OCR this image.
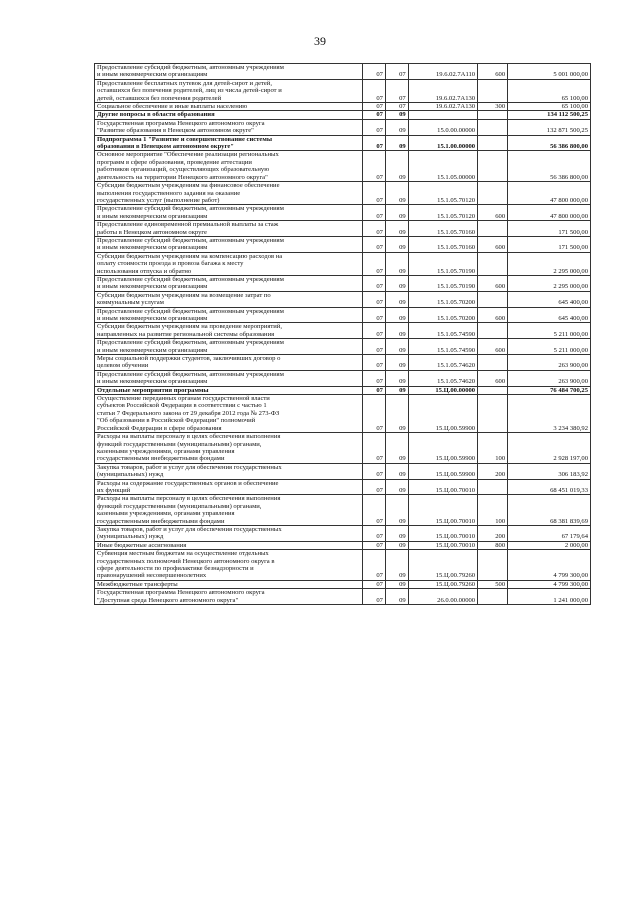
39
Предоставление субсидий бюджетным, автономным учреждениям
и иным некоммерческим организациям	07	07	19.6.02.7А110	600	5 001 000,00
Предоставление бесплатных путевок для детей-сирот и детей,
оставшихся без попечения родителей, лиц из числа детей-сирот и
детей, оставшихся без попечения родителей	07	07	19.6.02.7А130		65 100,00
Социальное обеспечение и иные выплаты населению	07	07	19.6.02.7А130	300	65 100,00
Другие вопросы в области образования	07	09			134 112 500,25
Государственная программа Ненецкого автономного округа
"Развитие образования в Ненецком автономном округе"	07	09	15.0.00.00000		132 871 500,25
Подпрограмма 1 "Развитие и совершенствование системы
образования в Ненецком автономном округе"	07	09	15.1.00.00000		56 386 800,00
Основное мероприятие "Обеспечение реализации региональных
программ в сфере образования, проведение аттестации
работников организаций, осуществляющих образовательную
деятельность на территории Ненецкого автономного округа"	07	09	15.1.05.00000		56 386 800,00
Субсидии бюджетным учреждениям на финансовое обеспечение
выполнения государственного задания на оказание
государственных услуг (выполнение работ)	07	09	15.1.05.70120		47 800 000,00
Предоставление субсидий бюджетным, автономным учреждениям
и иным некоммерческим организациям	07	09	15.1.05.70120	600	47 800 000,00
Предоставление единовременной премиальной выплаты за стаж
работы в Ненецком автономном округе	07	09	15.1.05.70160		171 500,00
Предоставление субсидий бюджетным, автономным учреждениям
и иным некоммерческим организациям	07	09	15.1.05.70160	600	171 500,00
Субсидии бюджетным учреждениям на компенсацию расходов на
оплату стоимости проезда и провоза багажа к месту
использования отпуска и обратно	07	09	15.1.05.70190		2 295 000,00
Предоставление субсидий бюджетным, автономным учреждениям
и иным некоммерческим организациям	07	09	15.1.05.70190	600	2 295 000,00
Субсидии бюджетным учреждениям на возмещение затрат по
коммунальным услугам	07	09	15.1.05.70200		645 400,00
Предоставление субсидий бюджетным, автономным учреждениям
и иным некоммерческим организациям	07	09	15.1.05.70200	600	645 400,00
Субсидии бюджетным учреждениям на проведение мероприятий,
направленных на развитие региональной системы образования	07	09	15.1.05.74590		5 211 000,00
Предоставление субсидий бюджетным, автономным учреждениям
и иным некоммерческим организациям	07	09	15.1.05.74590	600	5 211 000,00
Меры социальной поддержки студентов, заключивших договор о
целевом обучении	07	09	15.1.05.74620		263 900,00
Предоставление субсидий бюджетным, автономным учреждениям
и иным некоммерческим организациям	07	09	15.1.05.74620	600	263 900,00
Отдельные мероприятия программы	07	09	15.Ц.00.00000		76 484 700,25
Осуществление переданных органам государственной власти
субъектов Российской Федерации в соответствии с частью 1
статьи 7 Федерального закона от 29 декабря 2012 года № 273-ФЗ
"Об образовании в Российской Федерации" полномочий
Российской Федерации в сфере образования	07	09	15.Ц.00.59900		3 234 380,92
Расходы на выплаты персоналу в целях обеспечения выполнения
функций государственными (муниципальными) органами,
казенными учреждениями, органами управления
государственными внебюджетными фондами	07	09	15.Ц.00.59900	100	2 928 197,00
Закупка товаров, работ и услуг для обеспечения государственных
(муниципальных) нужд	07	09	15.Ц.00.59900	200	306 183,92
Расходы на содержание государственных органов и обеспечение
их функций	07	09	15.Ц.00.70010		68 451 019,33
Расходы на выплаты персоналу в целях обеспечения выполнения
функций государственными (муниципальными) органами,
казенными учреждениями, органами управления
государственными внебюджетными фондами	07	09	15.Ц.00.70010	100	68 381 839,69
Закупка товаров, работ и услуг для обеспечения государственных
(муниципальных) нужд	07	09	15.Ц.00.70010	200	67 179,64
Иные бюджетные ассигнования	07	09	15.Ц.00.70010	800	2 000,00
Субвенция местным бюджетам на осуществление отдельных
государственных полномочий Ненецкого автономного округа в
сфере деятельности по профилактике безнадзорности и
правонарушений несовершеннолетних	07	09	15.Ц.00.79260		4 799 300,00
Межбюджетные трансферты	07	09	15.Ц.00.79260	500	4 799 300,00
Государственная программа Ненецкого автономного округа
"Доступная среда Ненецкого автономного округа"	07	09	26.0.00.00000		1 241 000,00
